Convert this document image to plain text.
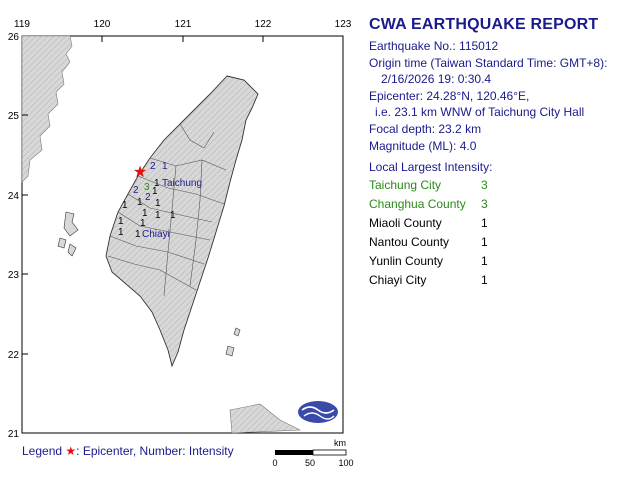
119	120	121	122	123
26
25
24
23
22
21
2 1
3 1
2 1
2
1 1
1
1 1 1
1 1
1 1
Taichung
Chiayi
★
CWA EARTHQUAKE REPORT
Earthquake No.: 115012
Origin time (Taiwan Standard Time: GMT+8):
2/16/2026 19: 0:30.4
Epicenter: 24.28°N, 120.46°E,
i.e. 23.1 km WNW of Taichung City Hall
Focal depth: 23.2 km
Magnitude (ML): 4.0
Local Largest Intensity:
Taichung City	3
Changhua County	3
Miaoli County	1
Nantou County	1
Yunlin County	1
Chiayi City	1
Legend ★: Epicenter, Number: Intensity
km
0	50	100
